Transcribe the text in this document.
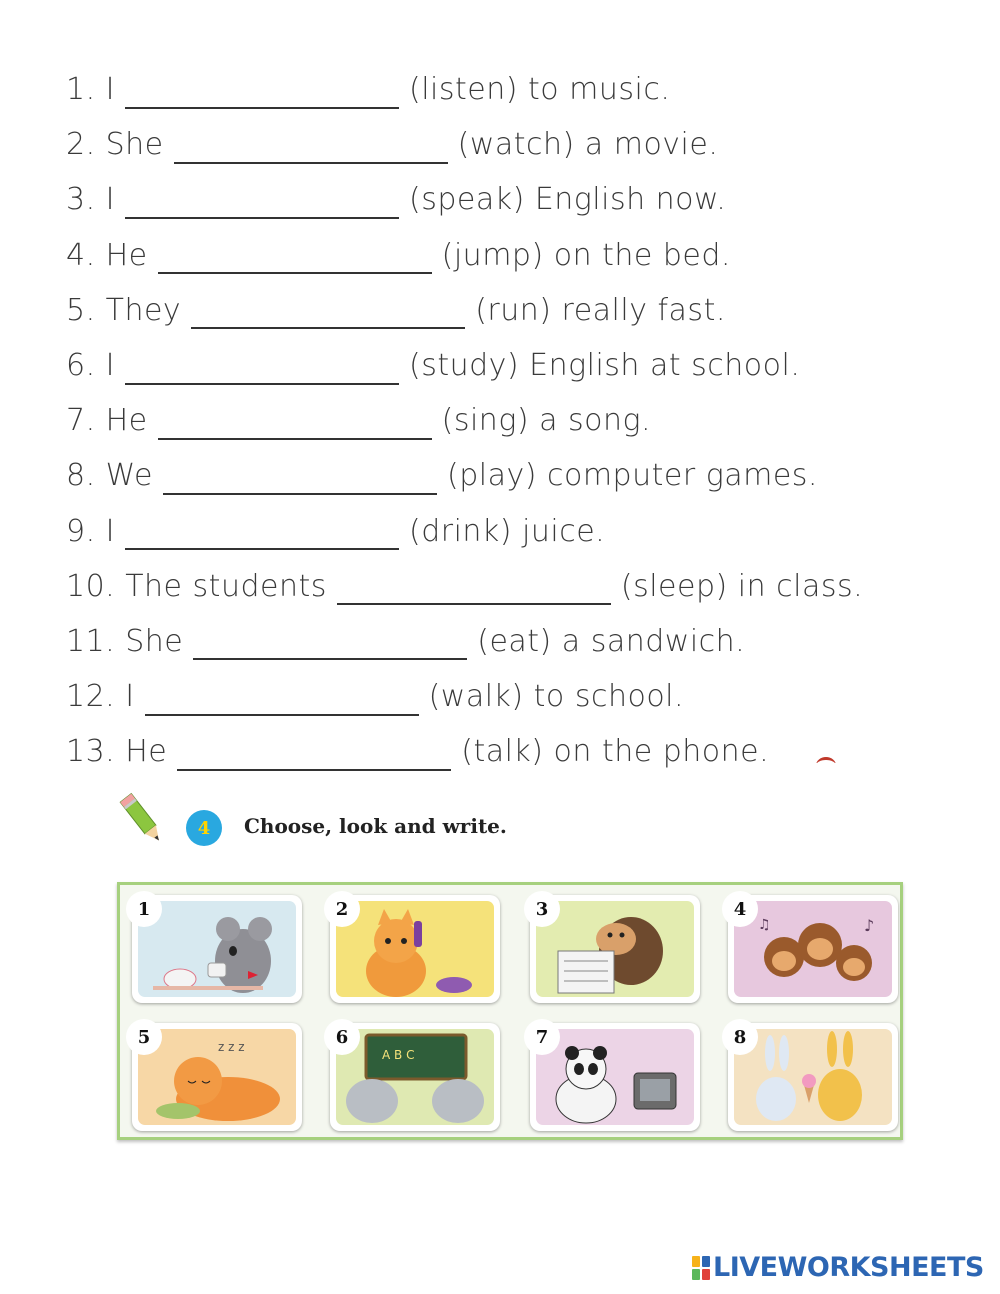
1. I	(listen)
to music.
2. She	(watch)
a movie.
3. I	(speak)
English now.
4. He	(jump)
on the bed.
5. They	(run)
really fast.
6. I	(study)
English at school.
7. He	(sing)
a song.
8. We	(play)
computer games.
9. I	(drink)
juice.
10. The students	(sleep)
in class.
11. She	(eat)
a sandwich.
12. I	(walk)
to school.
13. He	(talk)
on the phone.
4	Choose, look and write.
1	2	3
♪
♫
4
z z z
5
A B C
6	7	8
LIVEWORKSHEETS
